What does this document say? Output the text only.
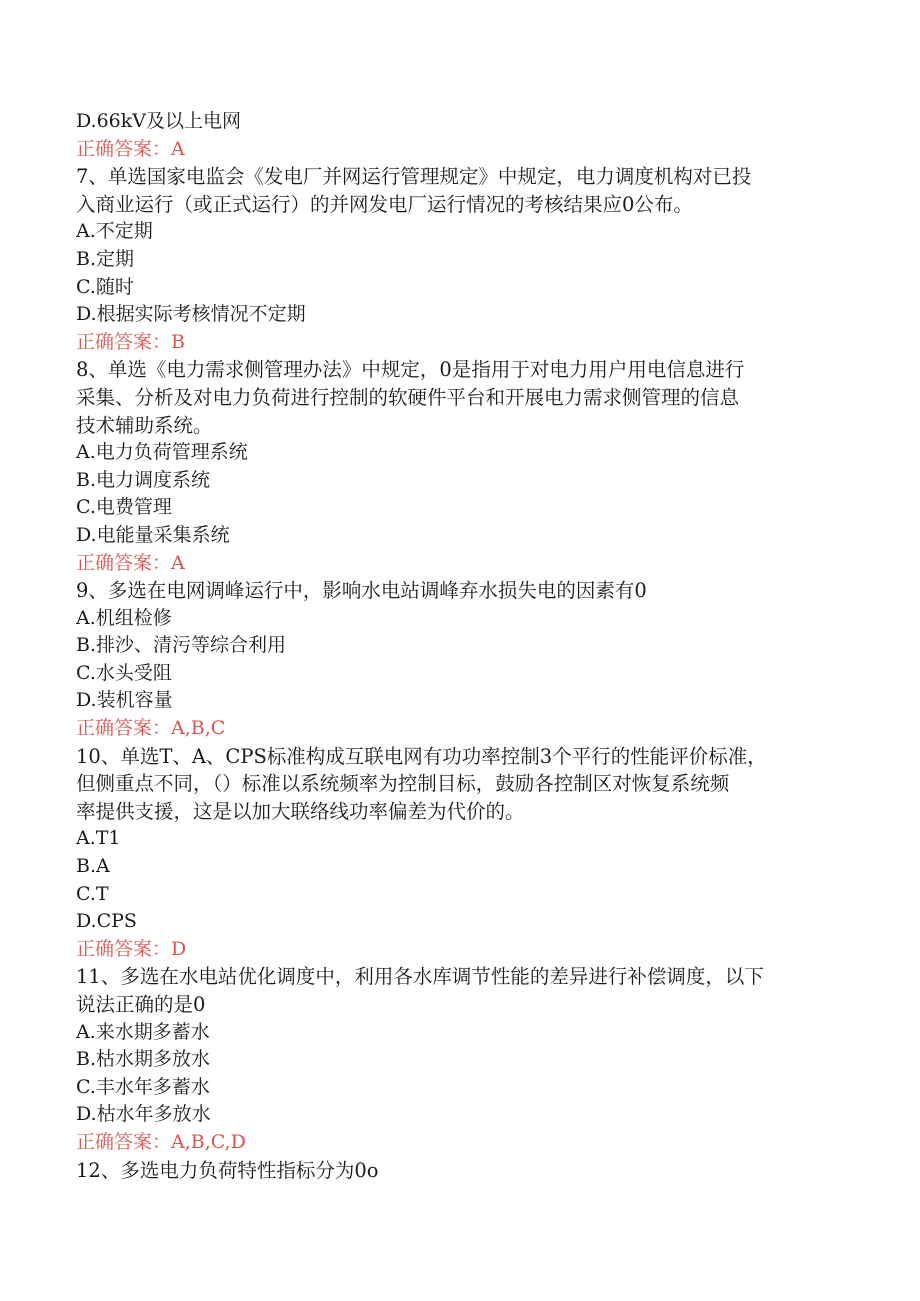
D.66kV及以上电网
正确答案：A
7、单选国家电监会《发电厂并网运行管理规定》中规定，电力调度机构对已投
入商业运行（或正式运行）的并网发电厂运行情况的考核结果应0公布。
A.不定期
B.定期
C.随时
D.根据实际考核情况不定期
正确答案：B
8、单选《电力需求侧管理办法》中规定，0是指用于对电力用户用电信息进行
采集、分析及对电力负荷进行控制的软硬件平台和开展电力需求侧管理的信息
技术辅助系统。
A.电力负荷管理系统
B.电力调度系统
C.电费管理
D.电能量采集系统
正确答案：A
9、多选在电网调峰运行中，影响水电站调峰弃水损失电的因素有0
A.机组检修
B.排沙、清污等综合利用
C.水头受阻
D.装机容量
正确答案：A,B,C
10、单选T、A、CPS标准构成互联电网有功功率控制3个平行的性能评价标准，
但侧重点不同，（）标准以系统频率为控制目标，鼓励各控制区对恢复系统频
率提供支援，这是以加大联络线功率偏差为代价的。
A.T1
B.A
C.T
D.CPS
正确答案：D
11、多选在水电站优化调度中，利用各水库调节性能的差异进行补偿调度，以下
说法正确的是0
A.来水期多蓄水
B.枯水期多放水
C.丰水年多蓄水
D.枯水年多放水
正确答案：A,B,C,D
12、多选电力负荷特性指标分为0o
